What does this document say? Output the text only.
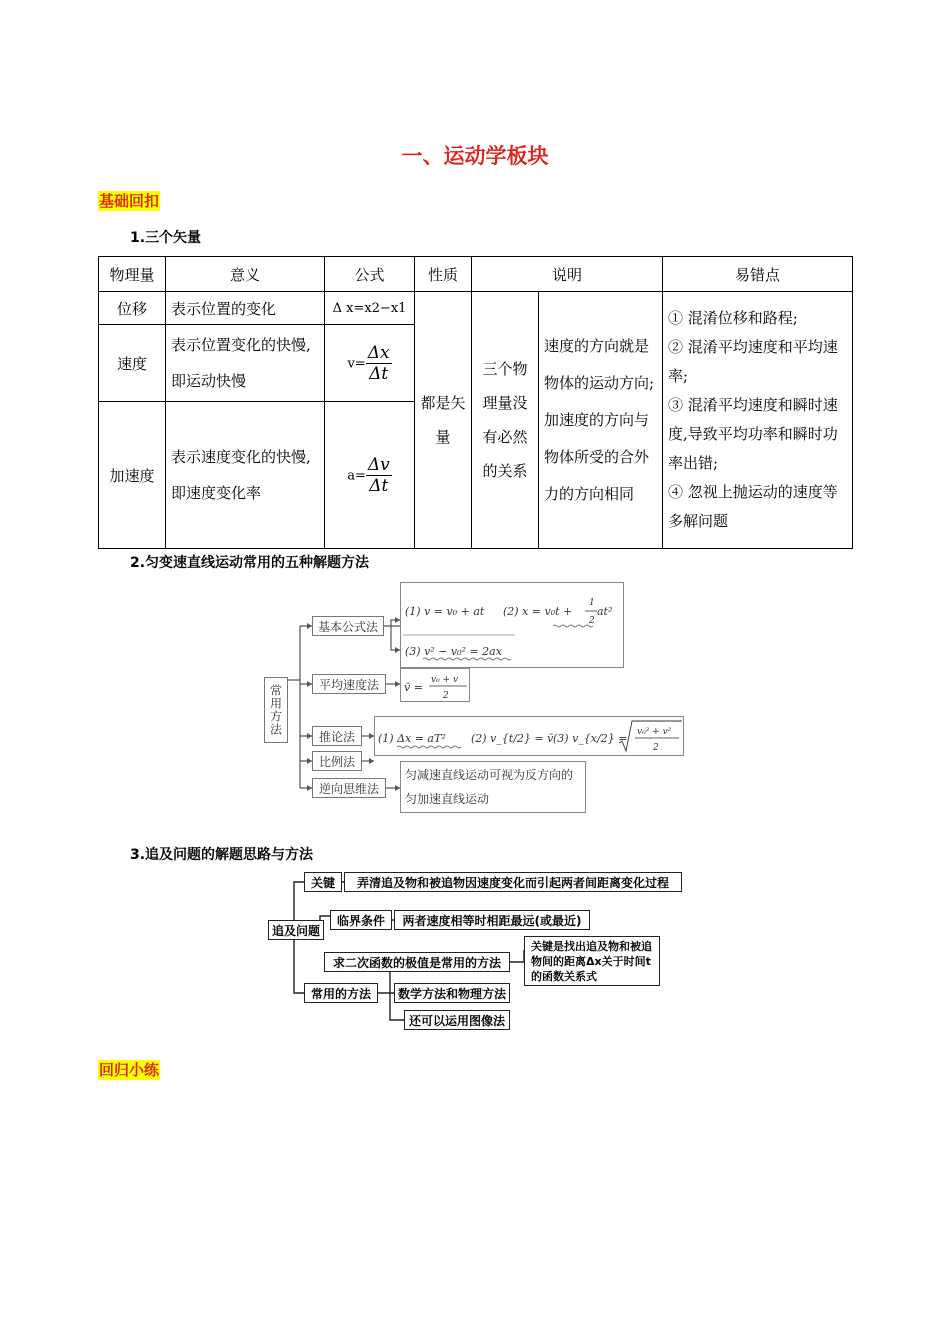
一、运动学板块
基础回扣
1.三个矢量
物理量	意义	公式	性质	说明		易错点
位移	表示位置的变化	Δ x=x2−x1	都是矢量	三个物理量没有必然的关系	速度的方向就是物体的运动方向;加速度的方向与物体所受的合外力的方向相同	① 混淆位移和路程;
② 混淆平均速度和平均速率;
③ 混淆平均速度和瞬时速度,导致平均功率和瞬时功率出错;
④ 忽视上抛运动的速度等多解问题

速度	表示位置变化的快慢,即运动快慢	$v= \frac{\Delta x}{\Delta t}$

加速度	表示速度变化的快慢,即速度变化率	$a= \frac{\Delta v}{\Delta t}$
2.匀变速直线运动常用的五种解题方法
常用方法
基本公式法
平均速度法
推论法
比例法
逆向思维法
(1) v = v₀ + at (2) x = v₀t +
1
2
at²
(3) v² − v₀² = 2ax
v̄ =
v₀ + v
2
(1) Δx = aT² (2) v_{t/2} = v̄ (3) v_{x/2} = v₀² + v²
2
匀减速直线运动可视为反方向的匀加速直线运动
3.追及问题的解题思路与方法
追及问题
关键	弄清追及物和被追物因速度变化而引起两者间距离变化过程
临界条件	两者速度相等时相距最远(或最近)
求二次函数的极值是常用的方法
关键是找出追及物和被追物间的距离Δx关于时间t的函数关系式
常用的方法	数学方法和物理方法
还可以运用图像法
回归小练
